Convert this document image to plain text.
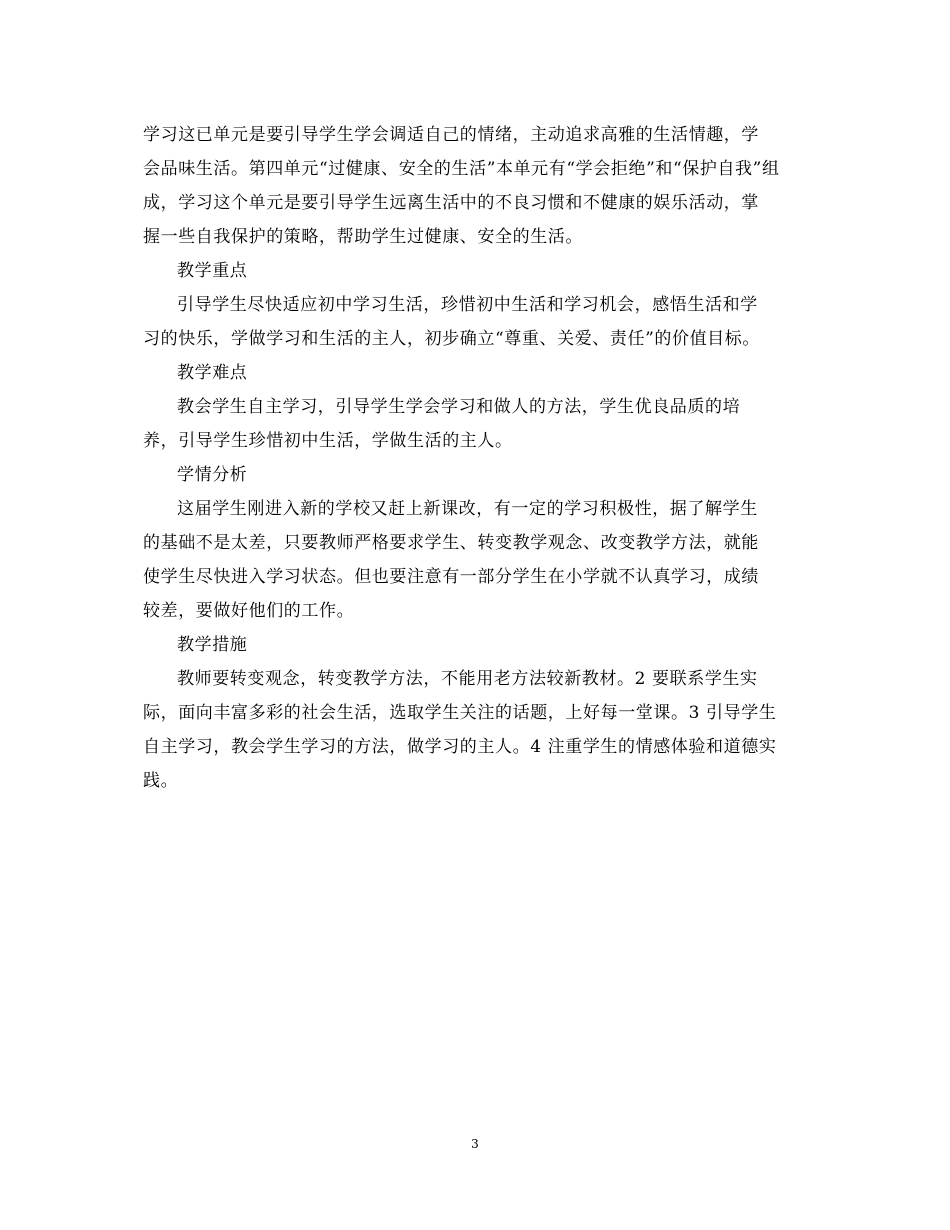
学习这已单元是要引导学生学会调适自己的情绪，主动追求高雅的生活情趣，学
会品味生活。第四单元“过健康、安全的生活”本单元有“学会拒绝”和“保护自我”组
成，学习这个单元是要引导学生远离生活中的不良习惯和不健康的娱乐活动，掌
握一些自我保护的策略，帮助学生过健康、安全的生活。
教学重点
引导学生尽快适应初中学习生活，珍惜初中生活和学习机会，感悟生活和学
习的快乐，学做学习和生活的主人，初步确立“尊重、关爱、责任”的价值目标。
教学难点
教会学生自主学习，引导学生学会学习和做人的方法，学生优良品质的培
养，引导学生珍惜初中生活，学做生活的主人。
学情分析
这届学生刚进入新的学校又赶上新课改，有一定的学习积极性，据了解学生
的基础不是太差，只要教师严格要求学生、转变教学观念、改变教学方法，就能
使学生尽快进入学习状态。但也要注意有一部分学生在小学就不认真学习，成绩
较差，要做好他们的工作。
教学措施
教师要转变观念，转变教学方法，不能用老方法较新教材。2 要联系学生实
际，面向丰富多彩的社会生活，选取学生关注的话题，上好每一堂课。3 引导学生
自主学习，教会学生学习的方法，做学习的主人。4 注重学生的情感体验和道德实
践。
3
